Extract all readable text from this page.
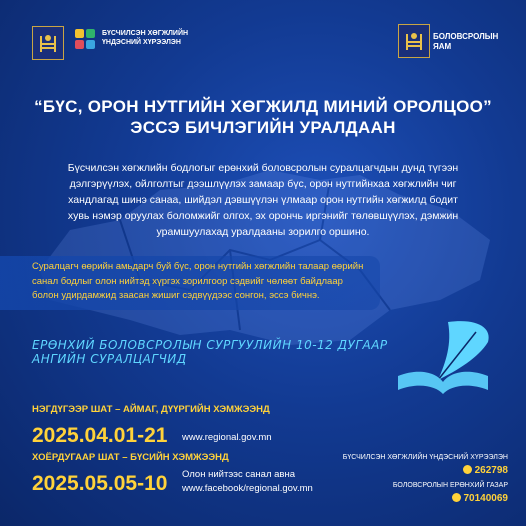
БҮСЧИЛСЭН ХӨГЖЛИЙН
ҮНДЭСНИЙ ХҮРЭЭЛЭН
БОЛОВСРОЛЫН
ЯАМ
“БҮС, ОРОН НУТГИЙН ХӨГЖИЛД МИНИЙ ОРОЛЦОО”
ЭССЭ БИЧЛЭГИЙН УРАЛДААН
Бүсчилсэн хөгжлийн бодлогыг ерөнхий боловсролын суралцагчдын дунд түгээн дэлгэрүүлэх, ойлголтыг дээшлүүлэх замаар бүс, орон нутгийнхаа хөгжлийн чиг хандлагад шинэ санаа, шийдэл дэвшүүлэн үлмаар орон нутгийн хөгжилд бодит хувь нэмэр оруулах боломжийг олгох, эх орончь иргэнийг төлөвшүүлэх, дэмжин урамшуулахад уралдааны зорилго оршино.
Суралцагч өөрийн амьдарч буй бүс, орон нутгийн хөгжлийн талаар өөрийн санал бодлыг олон нийтэд хүргэх зорилгоор сэдвийг чөлөөт байдлаар болон удирдамжид заасан жишиг сэдвүүдээс сонгон, эссэ бичнэ.
ЕРӨНХИЙ БОЛОВСРОЛЫН СУРГУУЛИЙН 10-12 ДУГААР АНГИЙН СУРАЛЦАГЧИД
НЭГДҮГЭЭР ШАТ – АЙМАГ, ДҮҮРГИЙН ХЭМЖЭЭНД
2025.04.01-21 www.regional.gov.mn
ХОЁРДУГААР ШАТ – БҮСИЙН ХЭМЖЭЭНД
2025.05.05-10 Олон нийтээс санал авна
www.facebook/regional.gov.mn
БҮСЧИЛСЭН ХӨГЖЛИЙН ҮНДЭСНИЙ ХҮРЭЭЛЭН
262798
БОЛОВСРОЛЫН ЕРӨНХИЙ ГАЗАР
70140069
